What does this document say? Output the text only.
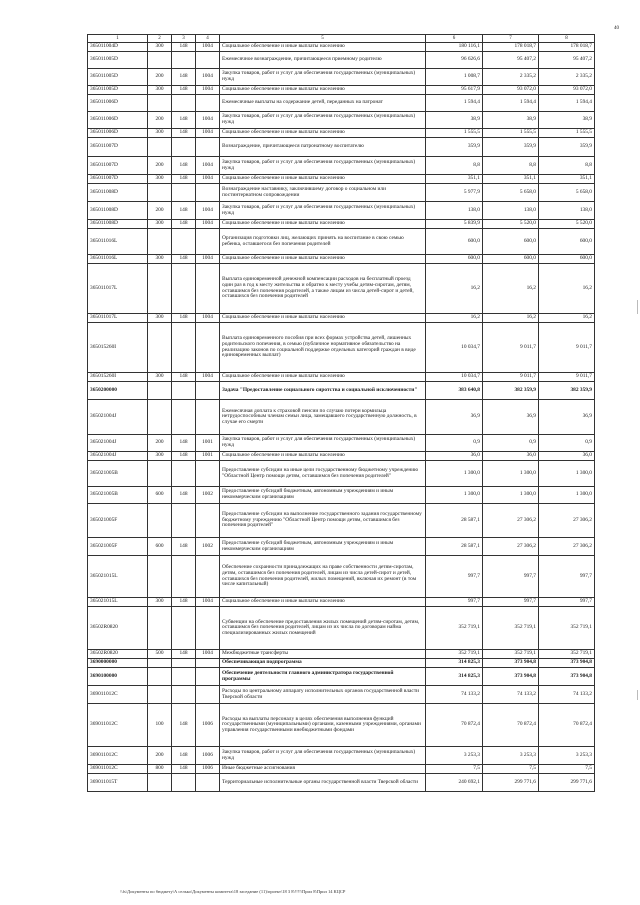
40
1	2	3	4	5	6	7	8
365011004D	300	148	1004	Социальное обеспечение и иные выплаты населению	180 116,1	178 018,7	178 018,7
365011005D				Ежемесячное вознаграждение, причитающееся приемному родителю	96 626,6	95 407,2	95 407,2
365011005D	200	148	1004	Закупка товаров, работ и услуг для обеспечения государственных (муниципальных) нужд	1 008,7	2 335,2	2 335,2
365011005D	300	148	1004	Социальное обеспечение и иные выплаты населению	95 617,9	93 072,0	93 072,0
365011006D				Ежемесячные выплаты на содержание детей, переданных на патронат	1 594,4	1 594,4	1 594,4
365011006D	200	148	1004	Закупка товаров, работ и услуг для обеспечения государственных (муниципальных) нужд	38,9	38,9	38,9
365011006D	300	148	1004	Социальное обеспечение и иные выплаты населению	1 555,5	1 555,5	1 555,5
365011007D				Вознаграждение, причитающееся патронатному воспитателю	359,9	359,9	359,9
365011007D	200	148	1004	Закупка товаров, работ и услуг для обеспечения государственных (муниципальных) нужд	8,8	8,8	8,8
365011007D	300	148	1004	Социальное обеспечение и иные выплаты населению	351,1	351,1	351,1
365011008D				Вознаграждение наставнику, заключившему договор о социальном или постинтернатном сопровождении	5 977,9	5 658,0	5 658,0
365011008D	200	148	1004	Закупка товаров, работ и услуг для обеспечения государственных (муниципальных) нужд	138,0	138,0	138,0
365011008D	300	148	1004	Социальное обеспечение и иные выплаты населению	5 839,9	5 520,0	5 520,0
365011016L				Организация подготовки лиц, желающих принять на воспитание в свою семью ребенка, оставшегося без попечения родителей	600,0	600,0	600,0
365011016L	300	148	1004	Социальное обеспечение и иные выплаты населению	600,0	600,0	600,0
365011017L				Выплата единовременной денежной компенсации расходов на бесплатный проезд один раз в год к месту жительства и обратно к месту учебы детям-сиротам, детям, оставшимся без попечения родителей, а также лицам из числа детей-сирот и детей, оставшихся без попечения родителей	16,2	16,2	16,2
365011017L	300	148	1004	Социальное обеспечение и иные выплаты населению	16,2	16,2	16,2
365015260I				Выплата единовременного пособия при всех формах устройства детей, лишенных родительского попечения, в семью (публичное нормативное обязательство на реализацию законов по социальной поддержке отдельных категорий граждан в виде единовременных выплат)	10 034,7	9 011,7	9 011,7
365015260I	300	148	1004	Социальное обеспечение и иные выплаты населению	10 034,7	9 011,7	9 011,7
3650200000				Задача "Предоставление социального сиротства и социальной исключенности"	383 640,8	382 359,9	382 359,9
365021004J				Ежемесячная доплата к страховой пенсии по случаю потери кормильца нетрудоспособным членам семьи лица, замещавшего государственную должность, в случае его смерти	36,9	36,9	36,9
365021004J	200	148	1001	Закупка товаров, работ и услуг для обеспечения государственных (муниципальных) нужд	0,9	0,9	0,9
365021004J	300	148	1001	Социальное обеспечение и иные выплаты населению	36,0	36,0	36,0
365021005B				Предоставление субсидии на иные цели государственному бюджетному учреждению "Областной Центр помощи детям, оставшимся без попечения родителей"	1 300,0	1 300,0	1 300,0
365021005B	600	148	1002	Предоставление субсидий бюджетным, автономным учреждениям и иным некоммерческим организациям	1 300,0	1 300,0	1 300,0
365021005F				Предоставление субсидии на выполнение государственного задания государственному бюджетному учреждению "Областной Центр помощи детям, оставшимся без попечения родителей"	28 587,1	27 306,2	27 306,2
365021005F	600	148	1002	Предоставление субсидий бюджетным, автономным учреждениям и иным некоммерческим организациям	28 587,1	27 306,2	27 306,2
365021015L				Обеспечение сохранности принадлежащих на праве собственности детям-сиротам, детям, оставшимся без попечения родителей, лицам из числа детей-сирот и детей, оставшихся без попечения родителей, жилых помещений, включая их ремонт (в том числе капитальный)	997,7	997,7	997,7
365021015L	300	148	1004	Социальное обеспечение и иные выплаты населению	997,7	997,7	997,7
36502R0820				Субвенции на обеспечение предоставления жилых помещений детям-сиротам, детям, оставшимся без попечения родителей, лицам из их числа по договорам найма специализированных жилых помещений	352 719,1	352 719,1	352 719,1
36502R0820	500	148	1004	Межбюджетные трансферты	352 719,1	352 719,1	352 719,1
3690000000				Обеспечивающая подпрограмма	314 825,3	373 904,8	373 904,8
3690100000				Обеспечение деятельности главного администратора государственной программы	314 825,3	373 904,8	373 904,8
369011012C				Расходы по центральному аппарату исполнительных органов государственной власти Тверской области	74 133,2	74 133,2	74 133,2
369011012C	100	148	1006	Расходы на выплаты персоналу в целях обеспечения выполнения функций государственными (муниципальными) органами, казенными учреждениями, органами управления государственными внебюджетными фондами	70 872,4	70 872,4	70 872,4
369011012C	200	148	1006	Закупка товаров, работ и услуг для обеспечения государственных (муниципальных) нужд	3 253,3	3 253,3	3 253,3
369011012C	800	148	1006	Иные бюджетные ассигнования	7,5	7,5	7,5
369011015T				Территориальные исполнительные органы государственной власти Тверской области	240 692,1	299 771,6	299 771,6
\\fs\Документы по бюджету\А селько\Документы комитета\18 заседание (11)\проект\18 3 8\!!!!\Прил 8\Прил 14 КЦСР
